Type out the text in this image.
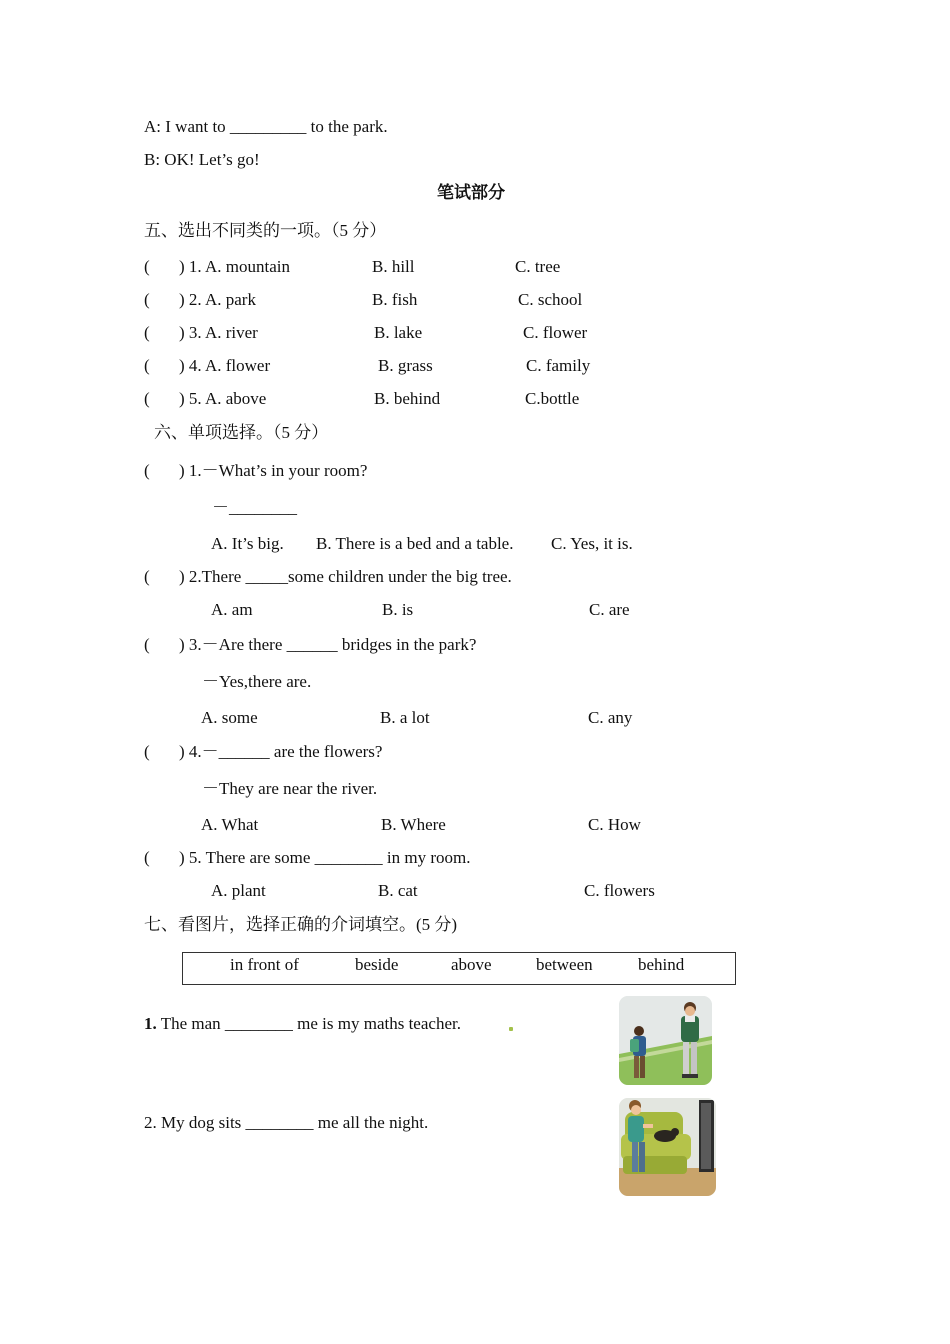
A: I want to _________ to the park.
B: OK! Let’s go!
笔试部分
五、选出不同类的一项。（5 分）
( ) 1. A. mountain	B. hill	C. tree
( ) 2. A. park	B. fish	C. school
( ) 3. A. river	B. lake	C. flower
( ) 4. A. flower	B. grass	C. family
( ) 5. A. above	B. behind	C.bottle
六、单项选择。（5 分）
( ) 1.－What’s in your room?
－________
A. It’s big. B. There is a bed and a table. C. Yes, it is.
( ) 2.There _____some children under the big tree.
A. am	B. is	C. are
( ) 3.－Are there ______ bridges in the park?
－Yes,there are.
A. some	B. a lot	C. any
( ) 4.－______ are the flowers?
－They are near the river.
A. What	B. Where	C. How
( ) 5. There are some ________ in my room.
A. plant	B. cat	C. flowers
七、看图片，选择正确的介词填空。(5 分)
in front of	beside	above	between	behind
1. The man ________ me is my maths teacher.
2. My dog sits ________ me all the night.
